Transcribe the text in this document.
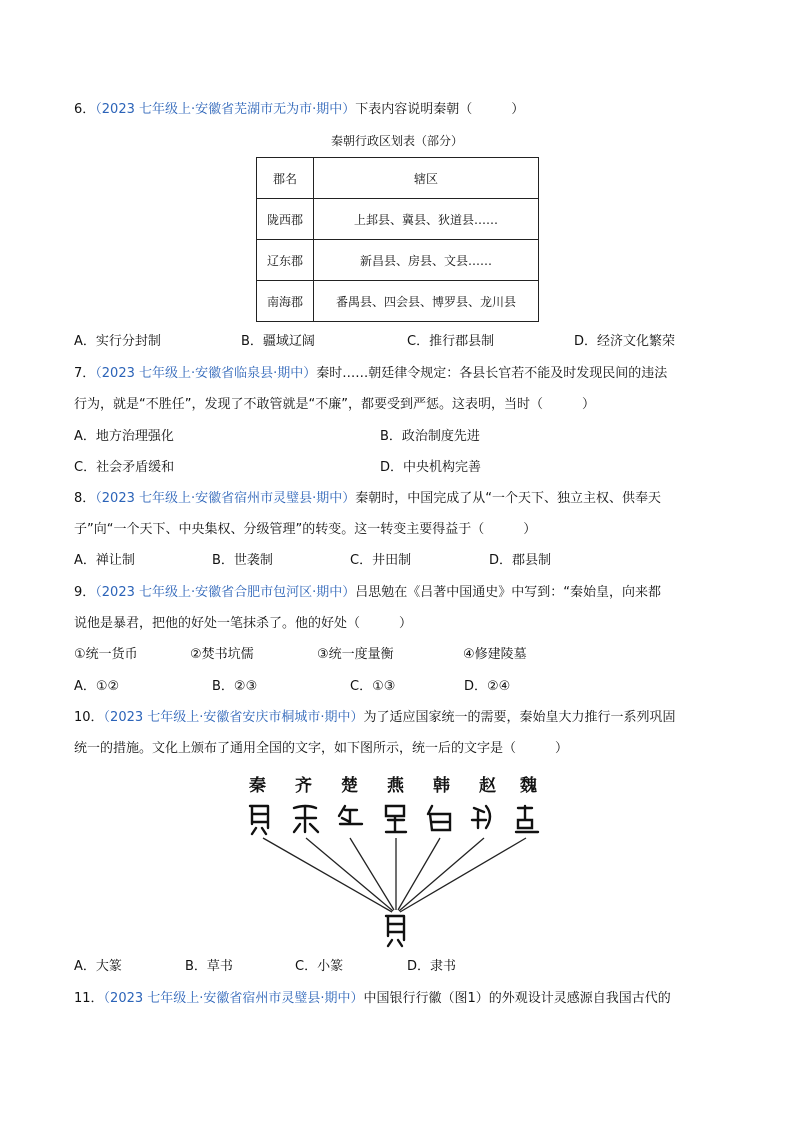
6．（2023 七年级上·安徽省芜湖市无为市·期中）下表内容说明秦朝（　　　）
秦朝行政区划表（部分）
郡名	辖区
陇西郡	上邽县、冀县、狄道县……
辽东郡	新昌县、房县、文县……
南海郡	番禺县、四会县、博罗县、龙川县
A．实行分封制	B．疆域辽阔	C．推行郡县制	D．经济文化繁荣
7．（2023 七年级上·安徽省临泉县·期中）秦时……朝廷律令规定：各县长官若不能及时发现民间的违法
行为，就是“不胜任”，发现了不敢管就是“不廉”，都要受到严惩。这表明，当时（　　　）
A．地方治理强化	B．政治制度先进
C．社会矛盾缓和	D．中央机构完善
8．（2023 七年级上·安徽省宿州市灵璧县·期中）秦朝时，中国完成了从“一个天下、独立主权、供奉天
子”向“一个天下、中央集权、分级管理”的转变。这一转变主要得益于（　　　）
A．禅让制	B．世袭制	C．井田制	D．郡县制
9．（2023 七年级上·安徽省合肥市包河区·期中）吕思勉在《吕著中国通史》中写到：“秦始皇，向来都
说他是暴君，把他的好处一笔抹杀了。他的好处（　　　）
①统一货币	②焚书坑儒	③统一度量衡	④修建陵墓
A．①②	B．②③	C．①③	D．②④
10．（2023 七年级上·安徽省安庆市桐城市·期中）为了适应国家统一的需要，秦始皇大力推行一系列巩固
统一的措施。文化上颁布了通用全国的文字，如下图所示，统一后的文字是（　　　）
秦 齐 楚 燕 韩 赵 魏
A．大篆	B．草书	C．小篆	D．隶书
11．（2023 七年级上·安徽省宿州市灵璧县·期中）中国银行行徽（图1）的外观设计灵感源自我国古代的
